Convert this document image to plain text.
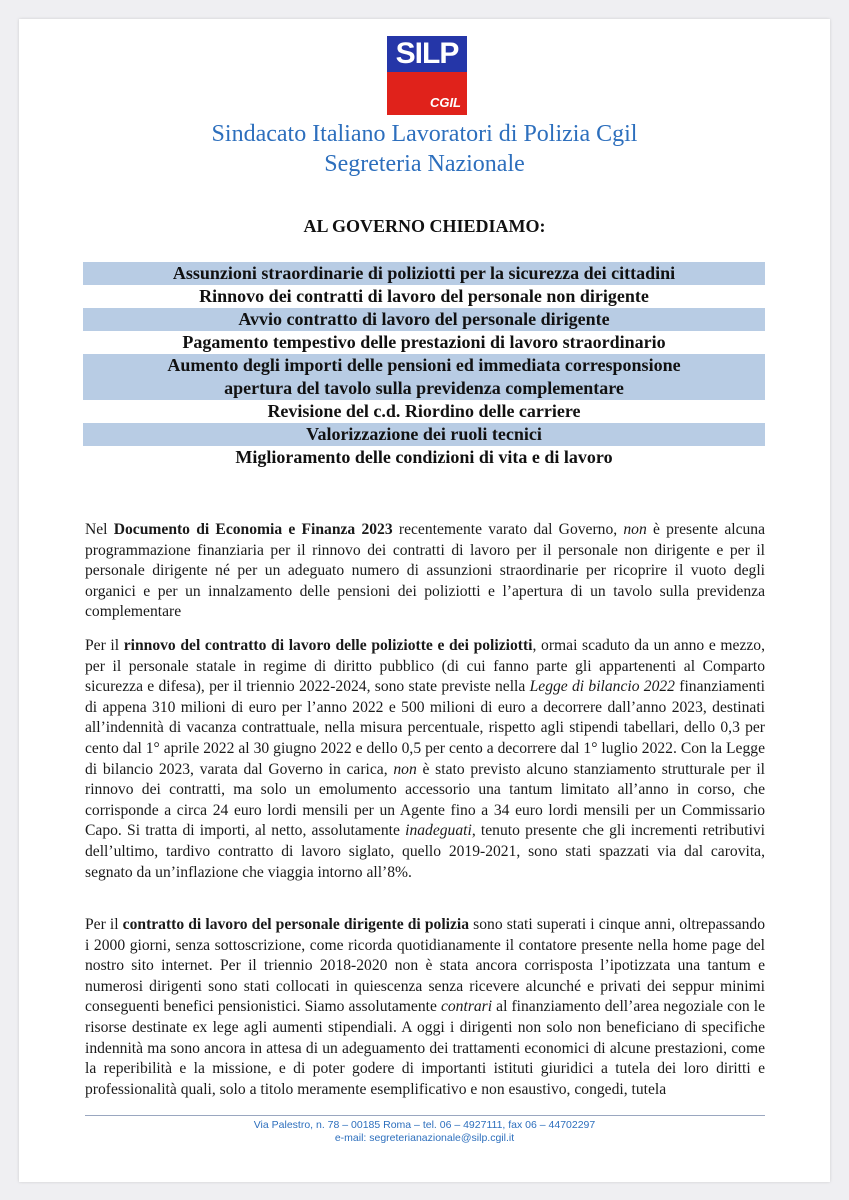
SILP
CGIL
Sindacato Italiano Lavoratori di Polizia Cgil
Segreteria Nazionale
AL GOVERNO CHIEDIAMO:
Assunzioni straordinarie di poliziotti per la sicurezza dei cittadini
Rinnovo dei contratti di lavoro del personale non dirigente
Avvio contratto di lavoro del personale dirigente
Pagamento tempestivo delle prestazioni di lavoro straordinario
Aumento degli importi delle pensioni ed immediata corresponsione
apertura del tavolo sulla previdenza complementare
Revisione del c.d. Riordino delle carriere
Valorizzazione dei ruoli tecnici
Miglioramento delle condizioni di vita e di lavoro

Nel Documento di Economia e Finanza 2023 recentemente varato dal Governo, non è presente alcuna programmazione finanziaria per il rinnovo dei contratti di lavoro per il personale non dirigente e per il personale dirigente né per un adeguato numero di assunzioni straordinarie per ricoprire il vuoto degli organici e per un innalzamento delle pensioni dei poliziotti e l’apertura di un tavolo sulla previdenza complementare

Per il rinnovo del contratto di lavoro delle poliziotte e dei poliziotti, ormai scaduto da un anno e mezzo, per il personale statale in regime di diritto pubblico (di cui fanno parte gli appartenenti al Comparto sicurezza e difesa), per il triennio 2022-2024, sono state previste nella Legge di bilancio 2022 finanziamenti di appena 310 milioni di euro per l’anno 2022 e 500 milioni di euro a decorrere dall’anno 2023, destinati all’indennità di vacanza contrattuale, nella misura percentuale, rispetto agli stipendi tabellari, dello 0,3 per cento dal 1° aprile 2022 al 30 giugno 2022 e dello 0,5 per cento a decorrere dal 1° luglio 2022. Con la Legge di bilancio 2023, varata dal Governo in carica, non è stato previsto alcuno stanziamento strutturale per il rinnovo dei contratti, ma solo un emolumento accessorio una tantum limitato all’anno in corso, che corrisponde a circa 24 euro lordi mensili per un Agente fino a 34 euro lordi mensili per un Commissario Capo. Si tratta di importi, al netto, assolutamente inadeguati, tenuto presente che gli incrementi retributivi dell’ultimo, tardivo contratto di lavoro siglato, quello 2019-2021, sono stati spazzati via dal carovita, segnato da un’inflazione che viaggia intorno all’8%.

Per il contratto di lavoro del personale dirigente di polizia sono stati superati i cinque anni, oltrepassando i 2000 giorni, senza sottoscrizione, come ricorda quotidianamente il contatore presente nella home page del nostro sito internet. Per il triennio 2018-2020 non è stata ancora corrisposta l’ipotizzata una tantum e numerosi dirigenti sono stati collocati in quiescenza senza ricevere alcunché e privati dei seppur minimi conseguenti benefici pensionistici. Siamo assolutamente contrari al finanziamento dell’area negoziale con le risorse destinate ex lege agli aumenti stipendiali. A oggi i dirigenti non solo non beneficiano di specifiche indennità ma sono ancora in attesa di un adeguamento dei trattamenti economici di alcune prestazioni, come la reperibilità e la missione, e di poter godere di importanti istituti giuridici a tutela dei loro diritti e professionalità quali, solo a titolo meramente esemplificativo e non esaustivo, congedi, tutela

Via Palestro, n. 78 – 00185 Roma – tel. 06 – 4927111, fax 06 – 44702297
e-mail: segreterianazionale@silp.cgil.it
